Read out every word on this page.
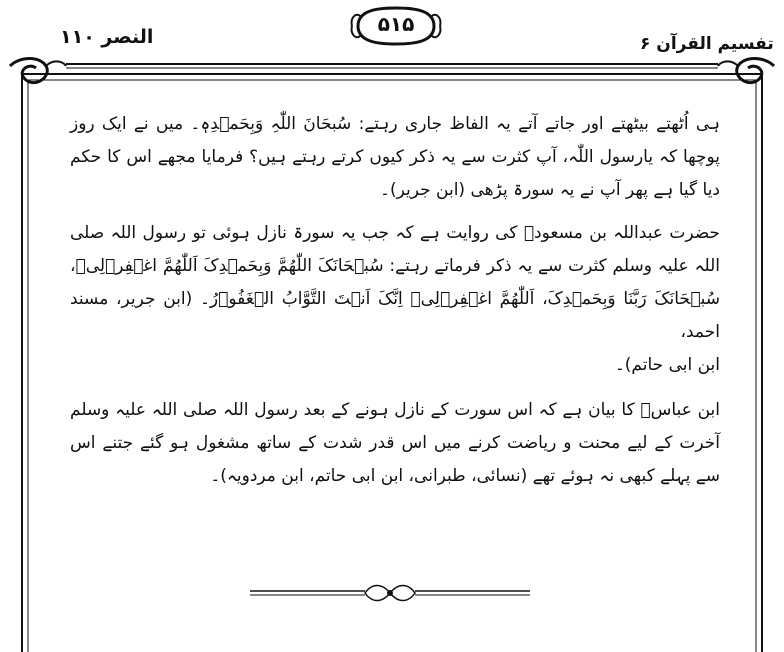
النصر ۱۱۰
۵۱۵
تفسیم القرآن ۶

ہی اُٹھتے بیٹھتے اور جاتے آتے یہ الفاظ جاری رہتے: سُبحَانَ اللّٰہِ وَبِحَمۡدِہٖ۔ میں نے ایک روز پوچھا کہ یارسول اللّٰہ، آپ کثرت سے یہ ذکر کیوں کرتے رہتے ہیں؟ فرمایا مجھے اس کا حکم دیا گیا ہے پھر آپ نے یہ سورۃ پڑھی (ابن جریر)۔

حضرت عبداللہ بن مسعودؓ کی روایت ہے کہ جب یہ سورۃ نازل ہوئی تو رسول اللہ صلی اللہ علیہ وسلم کثرت سے یہ ذکر فرماتے رہتے: سُبۡحَانَکَ اللّٰھُمَّ وَبِحَمۡدِکَ اَللّٰھُمَّ اغۡفِرۡلِیۡ، سُبۡحَانَکَ رَبَّنَا وَبِحَمۡدِکَ، اَللّٰھُمَّ اغۡفِرۡلِیۡ اِنَّکَ اَنۡتَ التَّوَّابُ الۡغَفُوۡرُ۔ (ابن جریر، مسند احمد،

ابن ابی حاتم)۔

ابن عباسؓ کا بیان ہے کہ اس سورت کے نازل ہونے کے بعد رسول اللہ صلی اللہ علیہ وسلم آخرت کے لیے محنت و ریاضت کرنے میں اس قدر شدت کے ساتھ مشغول ہو گئے جتنے اس سے پہلے کبھی نہ ہوئے تھے (نسائی، طبرانی، ابن ابی حاتم، ابن مردویہ)۔
